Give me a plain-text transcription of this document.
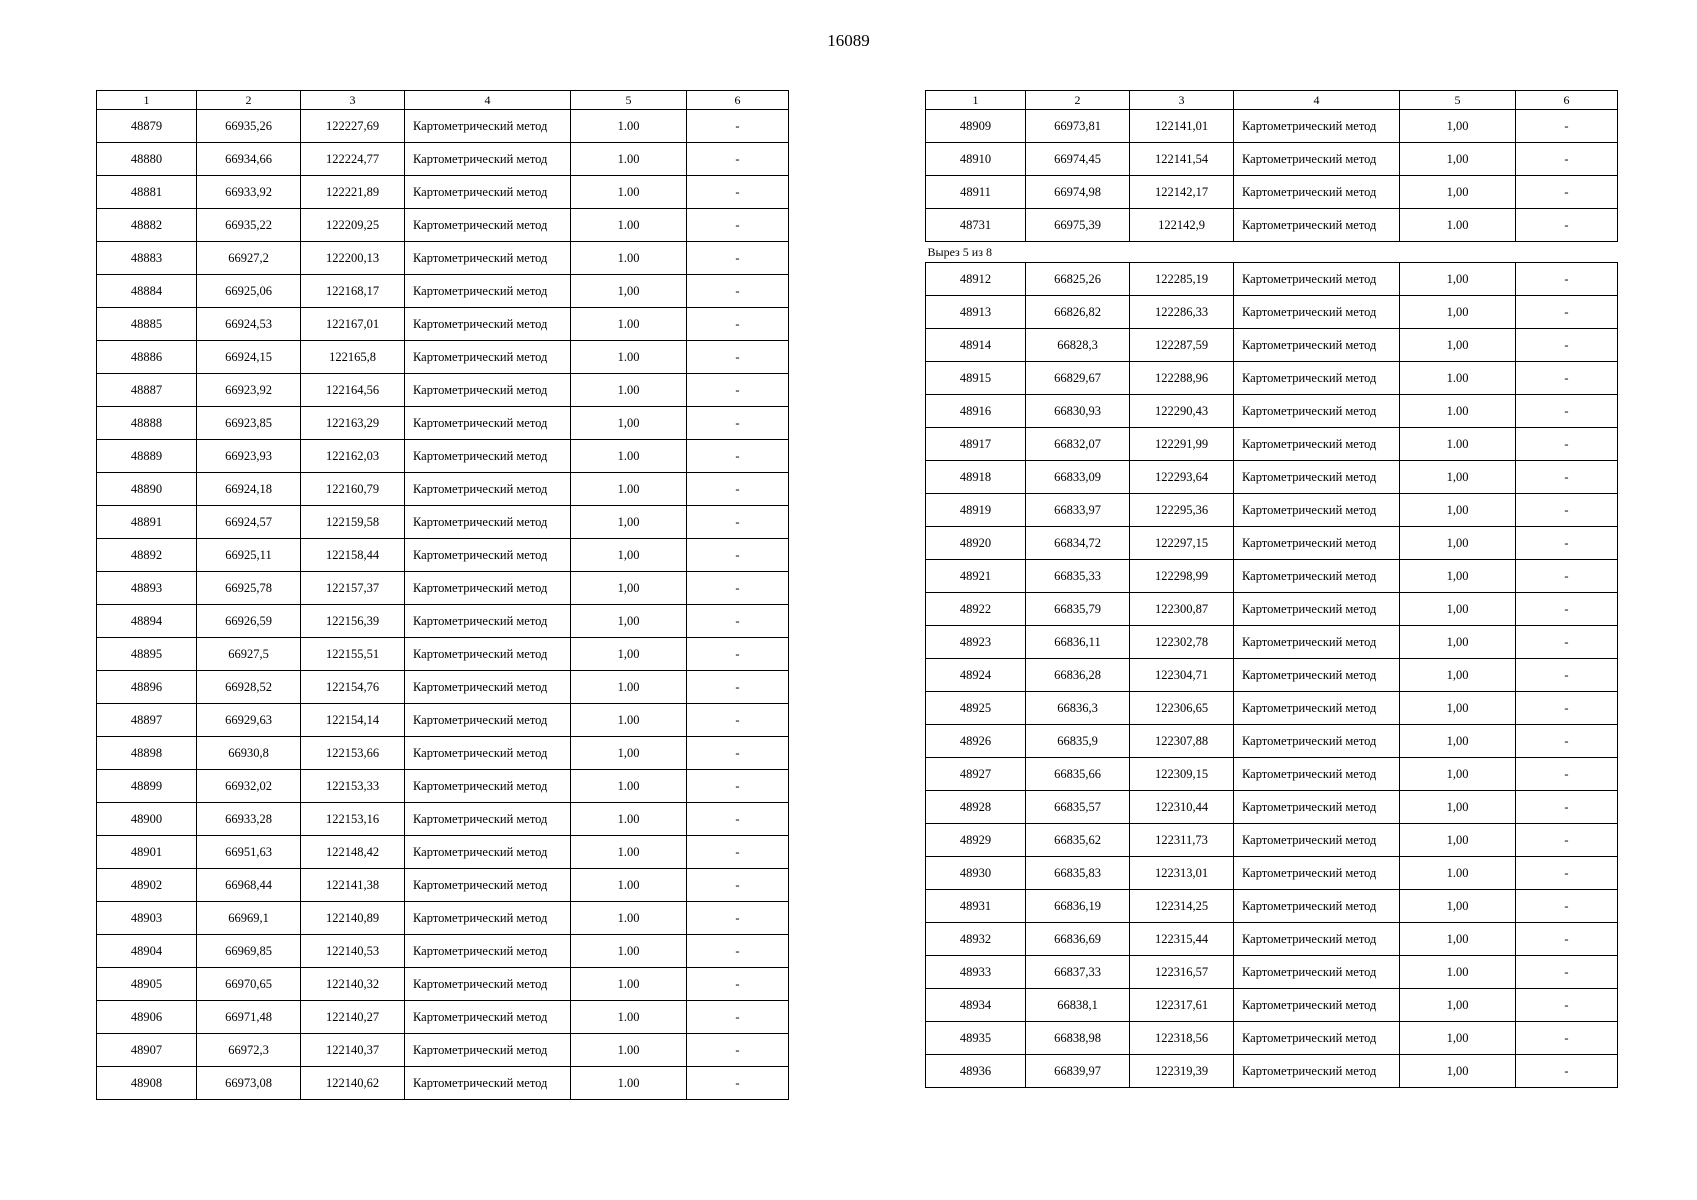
16089
1	2	3	4	5	6
48879	66935,26	122227,69	Картометрический метод	1.00	-
48880	66934,66	122224,77	Картометрический метод	1.00	-
48881	66933,92	122221,89	Картометрический метод	1.00	-
48882	66935,22	122209,25	Картометрический метод	1.00	-
48883	66927,2	122200,13	Картометрический метод	1.00	-
48884	66925,06	122168,17	Картометрический метод	1,00	-
48885	66924,53	122167,01	Картометрический метод	1.00	-
48886	66924,15	122165,8	Картометрический метод	1.00	-
48887	66923,92	122164,56	Картометрический метод	1.00	-
48888	66923,85	122163,29	Картометрический метод	1,00	-
48889	66923,93	122162,03	Картометрический метод	1.00	-
48890	66924,18	122160,79	Картометрический метод	1.00	-
48891	66924,57	122159,58	Картометрический метод	1,00	-
48892	66925,11	122158,44	Картометрический метод	1,00	-
48893	66925,78	122157,37	Картометрический метод	1,00	-
48894	66926,59	122156,39	Картометрический метод	1,00	-
48895	66927,5	122155,51	Картометрический метод	1,00	-
48896	66928,52	122154,76	Картометрический метод	1.00	-
48897	66929,63	122154,14	Картометрический метод	1.00	-
48898	66930,8	122153,66	Картометрический метод	1,00	-
48899	66932,02	122153,33	Картометрический метод	1.00	-
48900	66933,28	122153,16	Картометрический метод	1.00	-
48901	66951,63	122148,42	Картометрический метод	1.00	-
48902	66968,44	122141,38	Картометрический метод	1.00	-
48903	66969,1	122140,89	Картометрический метод	1.00	-
48904	66969,85	122140,53	Картометрический метод	1.00	-
48905	66970,65	122140,32	Картометрический метод	1.00	-
48906	66971,48	122140,27	Картометрический метод	1.00	-
48907	66972,3	122140,37	Картометрический метод	1.00	-
48908	66973,08	122140,62	Картометрический метод	1.00	-
1	2	3	4	5	6
48909	66973,81	122141,01	Картометрический метод	1,00	-
48910	66974,45	122141,54	Картометрический метод	1,00	-
48911	66974,98	122142,17	Картометрический метод	1,00	-
48731	66975,39	122142,9	Картометрический метод	1.00	-
Вырез 5 из 8					
48912	66825,26	122285,19	Картометрический метод	1,00	-
48913	66826,82	122286,33	Картометрический метод	1,00	-
48914	66828,3	122287,59	Картометрический метод	1,00	-
48915	66829,67	122288,96	Картометрический метод	1.00	-
48916	66830,93	122290,43	Картометрический метод	1.00	-
48917	66832,07	122291,99	Картометрический метод	1.00	-
48918	66833,09	122293,64	Картометрический метод	1,00	-
48919	66833,97	122295,36	Картометрический метод	1,00	-
48920	66834,72	122297,15	Картометрический метод	1,00	-
48921	66835,33	122298,99	Картометрический метод	1,00	-
48922	66835,79	122300,87	Картометрический метод	1,00	-
48923	66836,11	122302,78	Картометрический метод	1,00	-
48924	66836,28	122304,71	Картометрический метод	1,00	-
48925	66836,3	122306,65	Картометрический метод	1,00	-
48926	66835,9	122307,88	Картометрический метод	1,00	-
48927	66835,66	122309,15	Картометрический метод	1,00	-
48928	66835,57	122310,44	Картометрический метод	1,00	-
48929	66835,62	122311,73	Картометрический метод	1,00	-
48930	66835,83	122313,01	Картометрический метод	1.00	-
48931	66836,19	122314,25	Картометрический метод	1,00	-
48932	66836,69	122315,44	Картометрический метод	1,00	-
48933	66837,33	122316,57	Картометрический метод	1.00	-
48934	66838,1	122317,61	Картометрический метод	1,00	-
48935	66838,98	122318,56	Картометрический метод	1,00	-
48936	66839,97	122319,39	Картометрический метод	1,00	-
